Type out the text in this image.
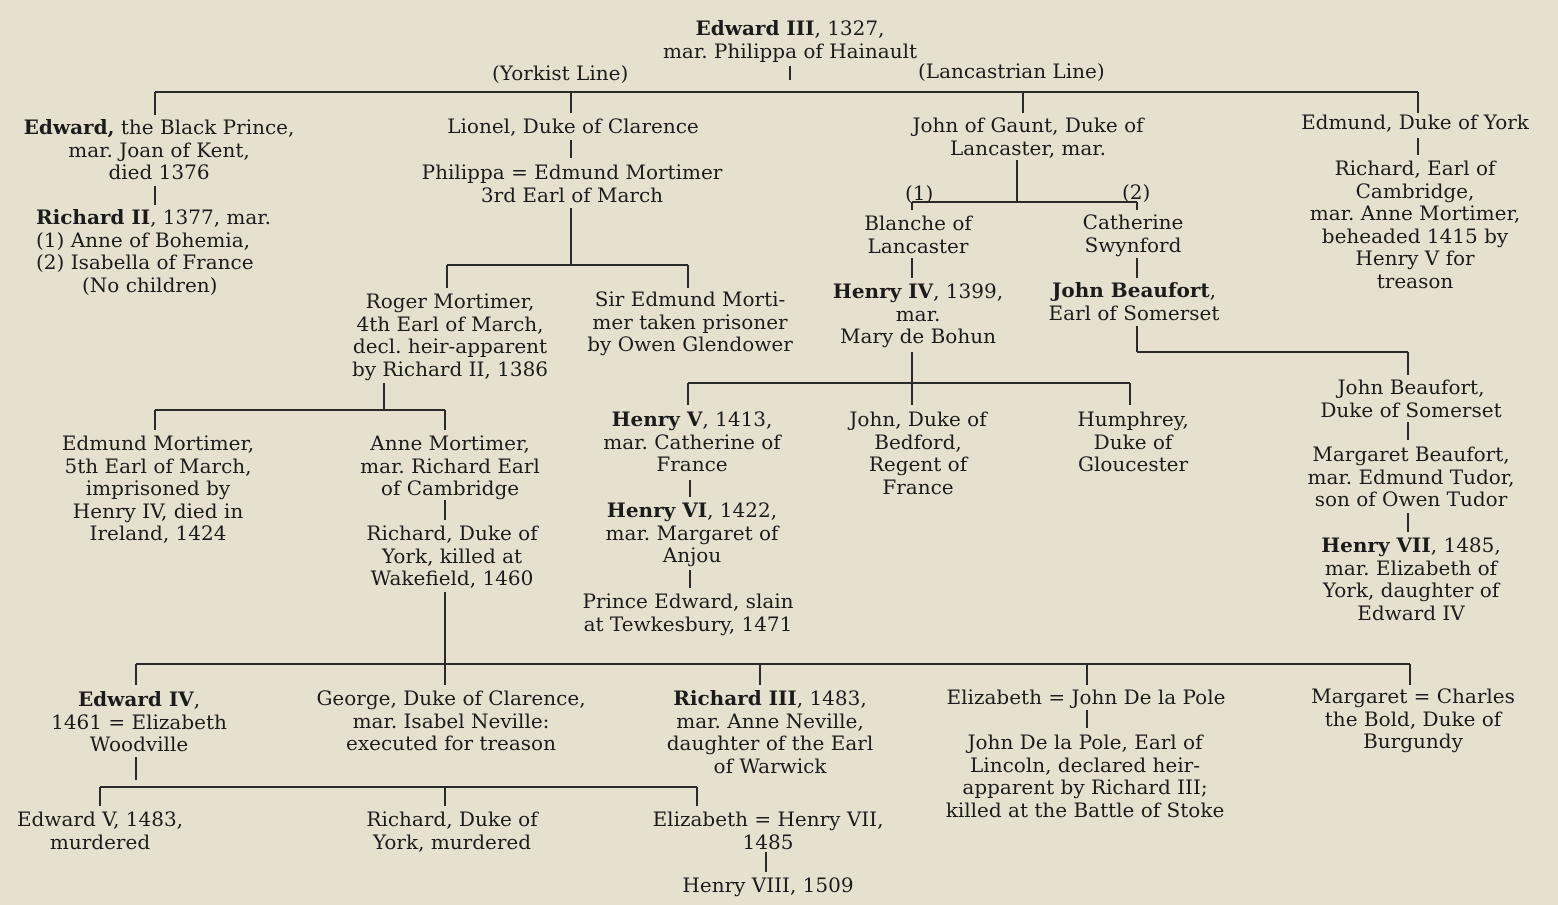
Edward III, 1327,
mar. Philippa of Hainault
(Yorkist Line)	(Lancastrian Line)
Edward, the Black Prince,
mar. Joan of Kent,
died 1376
Richard II, 1377, mar.
(1) Anne of Bohemia,
(2) Isabella of France
(No children)
Lionel, Duke of Clarence
Philippa = Edmund Mortimer
3rd Earl of March
Roger Mortimer,
4th Earl of March,
decl. heir-apparent
by Richard II, 1386
Sir Edmund Morti-
mer taken prisoner
by Owen Glendower
Edmund Mortimer,
5th Earl of March,
imprisoned by
Henry IV, died in
Ireland, 1424
Anne Mortimer,
mar. Richard Earl
of Cambridge
Richard, Duke of
York, killed at
Wakefield, 1460
John of Gaunt, Duke of
Lancaster, mar.
(1)	(2)
Blanche of
Lancaster
Catherine
Swynford
Henry IV, 1399,
mar.
Mary de Bohun
John Beaufort,
Earl of Somerset
Henry V, 1413,
mar. Catherine of
France
John, Duke of
Bedford,
Regent of
France
Humphrey,
Duke of
Gloucester
Henry VI, 1422,
mar. Margaret of
Anjou
Prince Edward, slain
at Tewkesbury, 1471
Edmund, Duke of York
Richard, Earl of
Cambridge,
mar. Anne Mortimer,
beheaded 1415 by
Henry V for
treason
John Beaufort,
Duke of Somerset
Margaret Beaufort,
mar. Edmund Tudor,
son of Owen Tudor
Henry VII, 1485,
mar. Elizabeth of
York, daughter of
Edward IV
Edward IV,
1461 = Elizabeth
Woodville
George, Duke of Clarence,
mar. Isabel Neville:
executed for treason
Richard III, 1483,
mar. Anne Neville,
daughter of the Earl
of Warwick
Elizabeth = John De la Pole
John De la Pole, Earl of
Lincoln, declared heir-
apparent by Richard III;
killed at the Battle of Stoke
Margaret = Charles
the Bold, Duke of
Burgundy
Edward V, 1483,
murdered
Richard, Duke of
York, murdered
Elizabeth = Henry VII,
1485
Henry VIII, 1509
